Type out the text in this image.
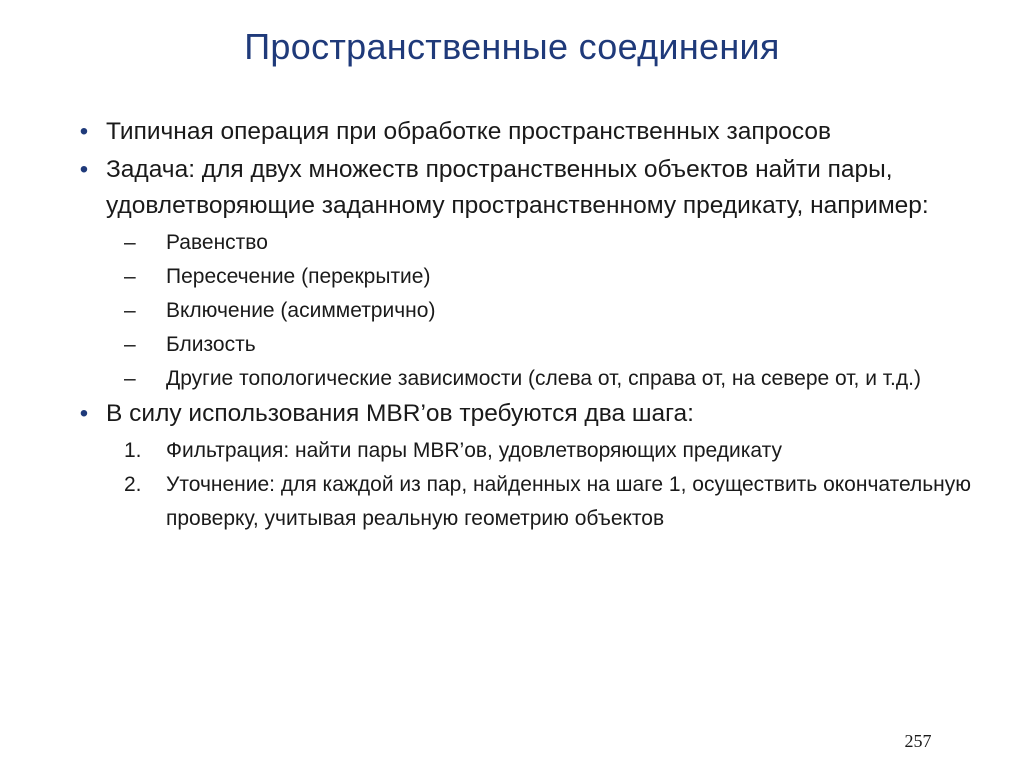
Пространственные соединения
• Типичная операция при обработке пространственных запросов
• Задача: для двух множеств пространственных объектов найти пары, удовлетворяющие заданному пространственному предикату, например:
– Равенство
– Пересечение (перекрытие)
– Включение (асимметрично)
– Близость
– Другие топологические зависимости (слева от, справа от, на севере от, и т.д.)
• В силу использования MBR’ов требуются два шага:
1. Фильтрация: найти пары MBR’ов, удовлетворяющих предикату
2. Уточнение: для каждой из пар, найденных на шаге 1, осуществить окончательную проверку, учитывая реальную геометрию объектов
257
